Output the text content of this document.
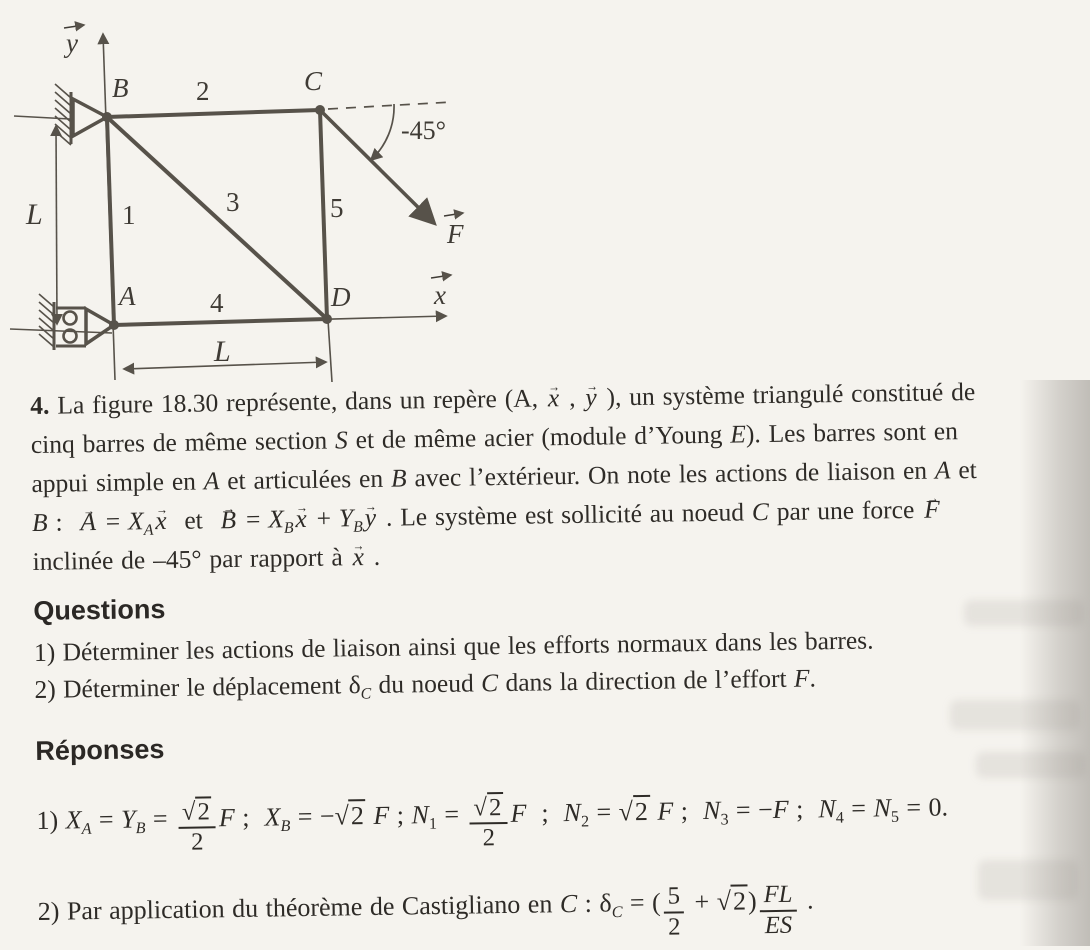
y
x
B	C
A	D
1
2
3
4
5
L
L
-45°
F
4. La figure 18.30 représente, dans un repère (A, x → , y → ), un système triangulé constitué de
cinq barres de même section S et de même acier (module d’Young E). Les barres sont en
appui simple en A et articulées en B avec l’extérieur. On note les actions de liaison en A et
B :  A → = $X_Ax$ →  et  B → = $X_Bx$ → + $Y_By$ → . Le système est sollicité au noeud C par une force F →
inclinée de –45° par rapport à x → .
Questions
1) Déterminer les actions de liaison ainsi que les efforts normaux dans les barres.
2) Déterminer le déplacement $\delta_C$ du noeud C dans la direction de l’effort F.
Réponses
1) $X_A = Y_B = \frac{√2}{2}$ F ;  $X_B = -√2$ F ; $N_1 = \frac{√2}{2}$ F  ;  $N_2 = √2$ F ;  $N_3 = -F$ ;  $N_4 = N_5 = 0$.
2) Par application du théorème de Castigliano en C : $\delta_C$ = ( $\frac{5}{2} + √2) \frac{FL}{ES}$ .
